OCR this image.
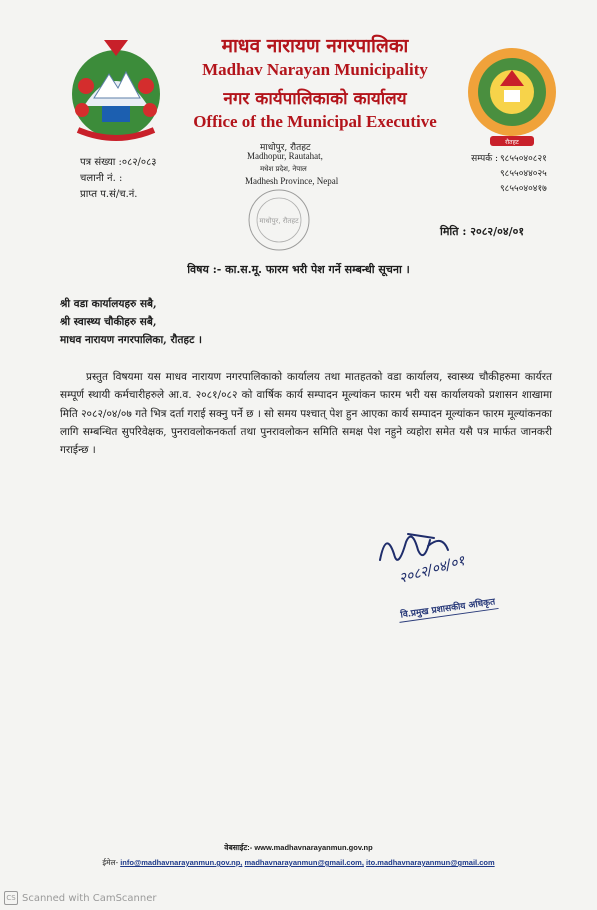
रौतहट
माधव नारायण नगरपालिका
Madhav Narayan Municipality
नगर कार्यपालिकाको कार्यालय
Office of the Municipal Executive
माधोपुर, रौतहट
Madhopur, Rautahat,
मधेश प्रदेश, नेपाल
Madhesh Province, Nepal
पत्र संख्या :०८२/०८३
चलानी नं. :
प्राप्त प.सं/च.नं.
सम्पर्क : ९८५५०४०८२१
९८५५०४४०२५
९८५५०४०४१७
माधोपुर, रौतहट
मिति : २०८२/०४/०१
विषय :- का.स.मू. फारम भरी पेश गर्ने सम्बन्धी सूचना ।
श्री वडा कार्यालयहरु सबै,
श्री स्वास्थ्य चौकीहरु सबै,
माधव नारायण नगरपालिका, रौतहट ।
प्रस्तुत विषयमा यस माधव नारायण नगरपालिकाको कार्यालय तथा मातहतको वडा कार्यालय, स्वास्थ्य चौकीहरुमा कार्यरत सम्पूर्ण स्थायी कर्मचारीहरुले आ.व. २०८१/०८२ को वार्षिक कार्य सम्पादन मूल्यांकन फारम भरी यस कार्यालयको प्रशासन शाखामा मिति २०८२/०४/०७ गते भित्र दर्ता गराई सक्नु पर्ने छ । सो समय पश्चात् पेश हुन आएका कार्य सम्पादन मूल्यांकन फारम मूल्यांकनका लागि सम्बन्धित सुपरिवेक्षक, पुनरावलोकनकर्ता तथा पुनरावलोकन समिति समक्ष पेश नहुने व्यहोरा समेत यसै पत्र मार्फत जानकरी गराईन्छ ।
२०८२/०४/०१
वि.प्रमुख प्रशासकीय अधिकृत
वेबसाईट:- www.madhavnarayanmun.gov.np
ईमेल- info@madhavnarayanmun.gov.np, madhavnarayanmun@gmail.com, ito.madhavnarayanmun@gmail.com
CS Scanned with CamScanner
